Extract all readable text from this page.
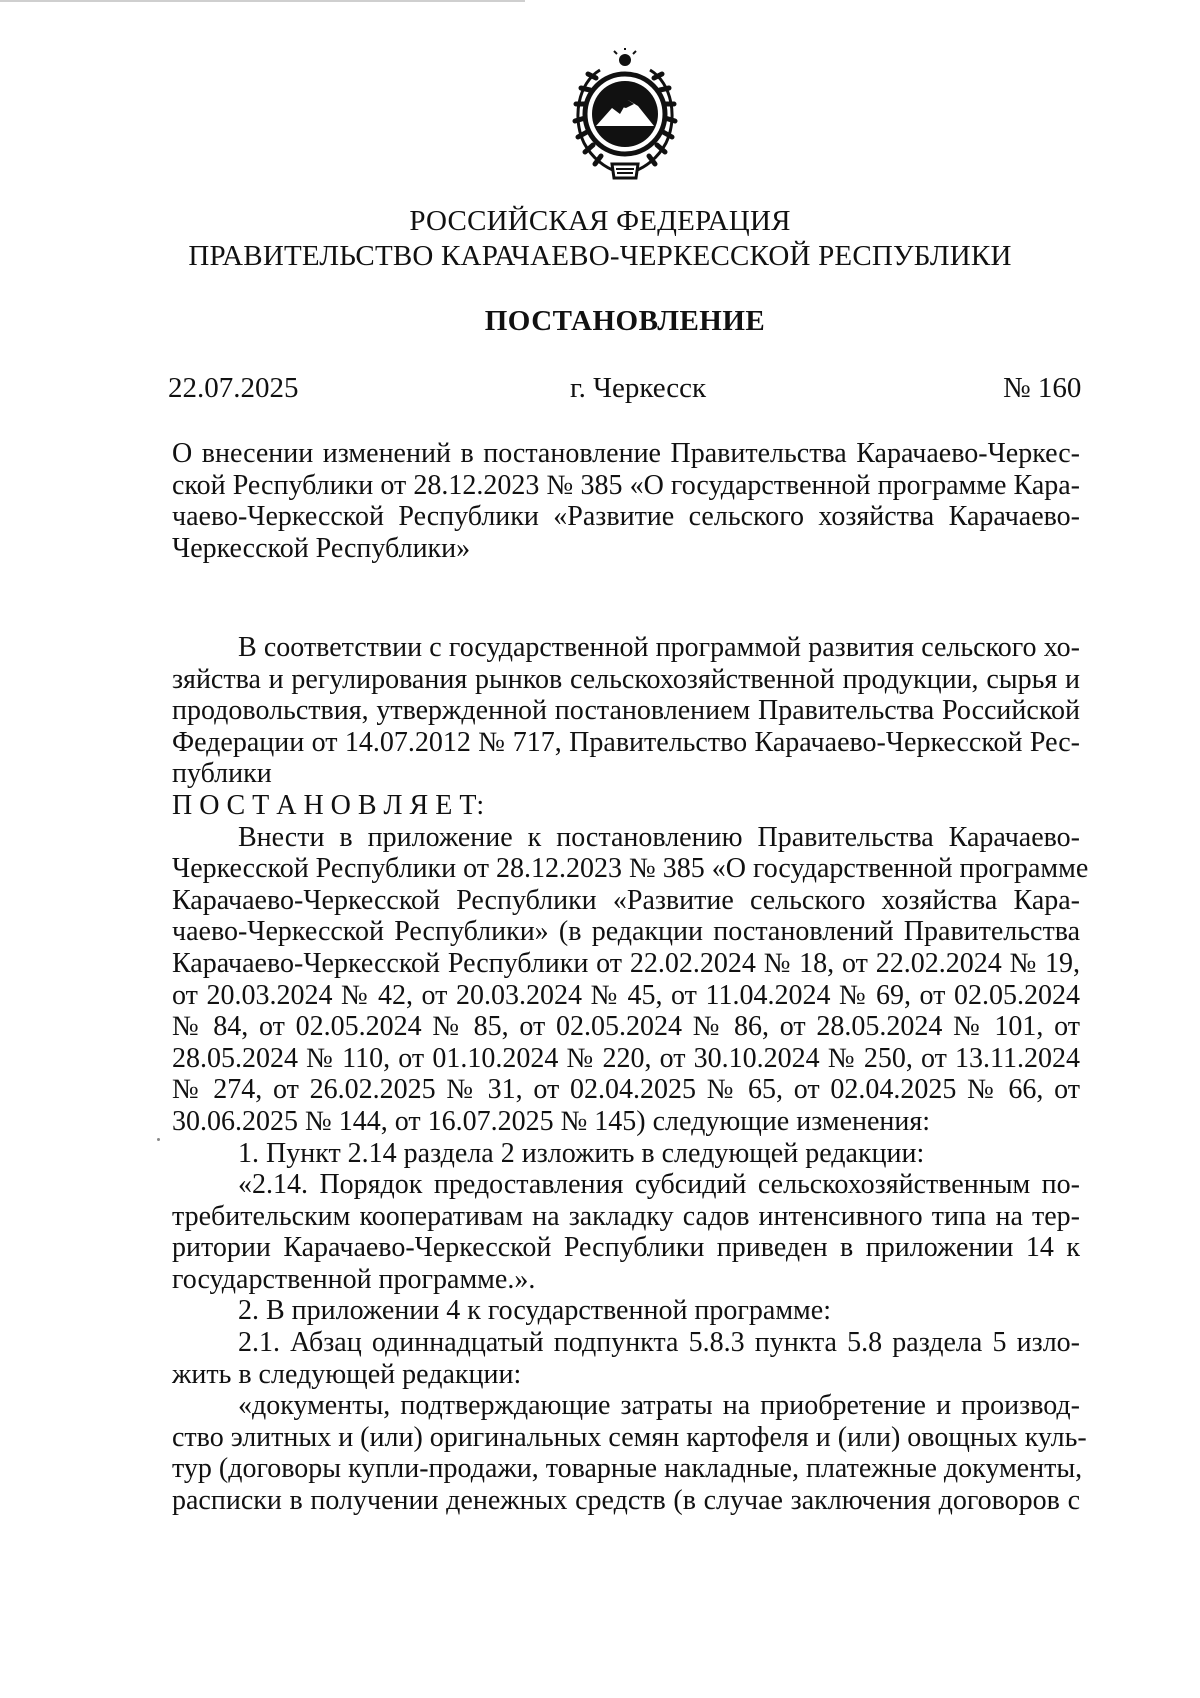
РОССИЙСКАЯ ФЕДЕРАЦИЯ
ПРАВИТЕЛЬСТВО КАРАЧАЕВО-ЧЕРКЕССКОЙ РЕСПУБЛИКИ
ПОСТАНОВЛЕНИЕ
22.07.2025	г. Черкесск	№ 160
О внесении изменений в постановление Правительства Карачаево-Черкес-
ской Республики от 28.12.2023 № 385 «О государственной программе Кара-
чаево-Черкесской Республики «Развитие сельского хозяйства Карачаево-
Черкесской Республики»
В соответствии с государственной программой развития сельского хо-
зяйства и регулирования рынков сельскохозяйственной продукции, сырья и
продовольствия, утвержденной постановлением Правительства Российской
Федерации от 14.07.2012 № 717, Правительство Карачаево-Черкесской Рес-
публики
П О С Т А Н О В Л Я Е Т:
Внести в приложение к постановлению Правительства Карачаево-
Черкесской Республики от 28.12.2023 № 385 «О государственной программе
Карачаево-Черкесской Республики «Развитие сельского хозяйства Кара-
чаево-Черкесской Республики» (в редакции постановлений Правительства
Карачаево-Черкесской Республики от 22.02.2024 № 18, от 22.02.2024 № 19,
от 20.03.2024 № 42, от 20.03.2024 № 45, от 11.04.2024 № 69, от 02.05.2024
№ 84, от 02.05.2024 № 85, от 02.05.2024 № 86, от 28.05.2024 № 101, от
28.05.2024 № 110, от 01.10.2024 № 220, от 30.10.2024 № 250, от 13.11.2024
№ 274, от 26.02.2025 № 31, от 02.04.2025 № 65, от 02.04.2025 № 66, от
30.06.2025 № 144, от 16.07.2025 № 145) следующие изменения:
1. Пункт 2.14 раздела 2 изложить в следующей редакции:
«2.14. Порядок предоставления субсидий сельскохозяйственным по-
требительским кооперативам на закладку садов интенсивного типа на тер-
ритории Карачаево-Черкесской Республики приведен в приложении 14 к
государственной программе.».
2. В приложении 4 к государственной программе:
2.1. Абзац одиннадцатый подпункта 5.8.3 пункта 5.8 раздела 5 изло-
жить в следующей редакции:
«документы, подтверждающие затраты на приобретение и производ-
ство элитных и (или) оригинальных семян картофеля и (или) овощных куль-
тур (договоры купли-продажи, товарные накладные, платежные документы,
расписки в получении денежных средств (в случае заключения договоров с
